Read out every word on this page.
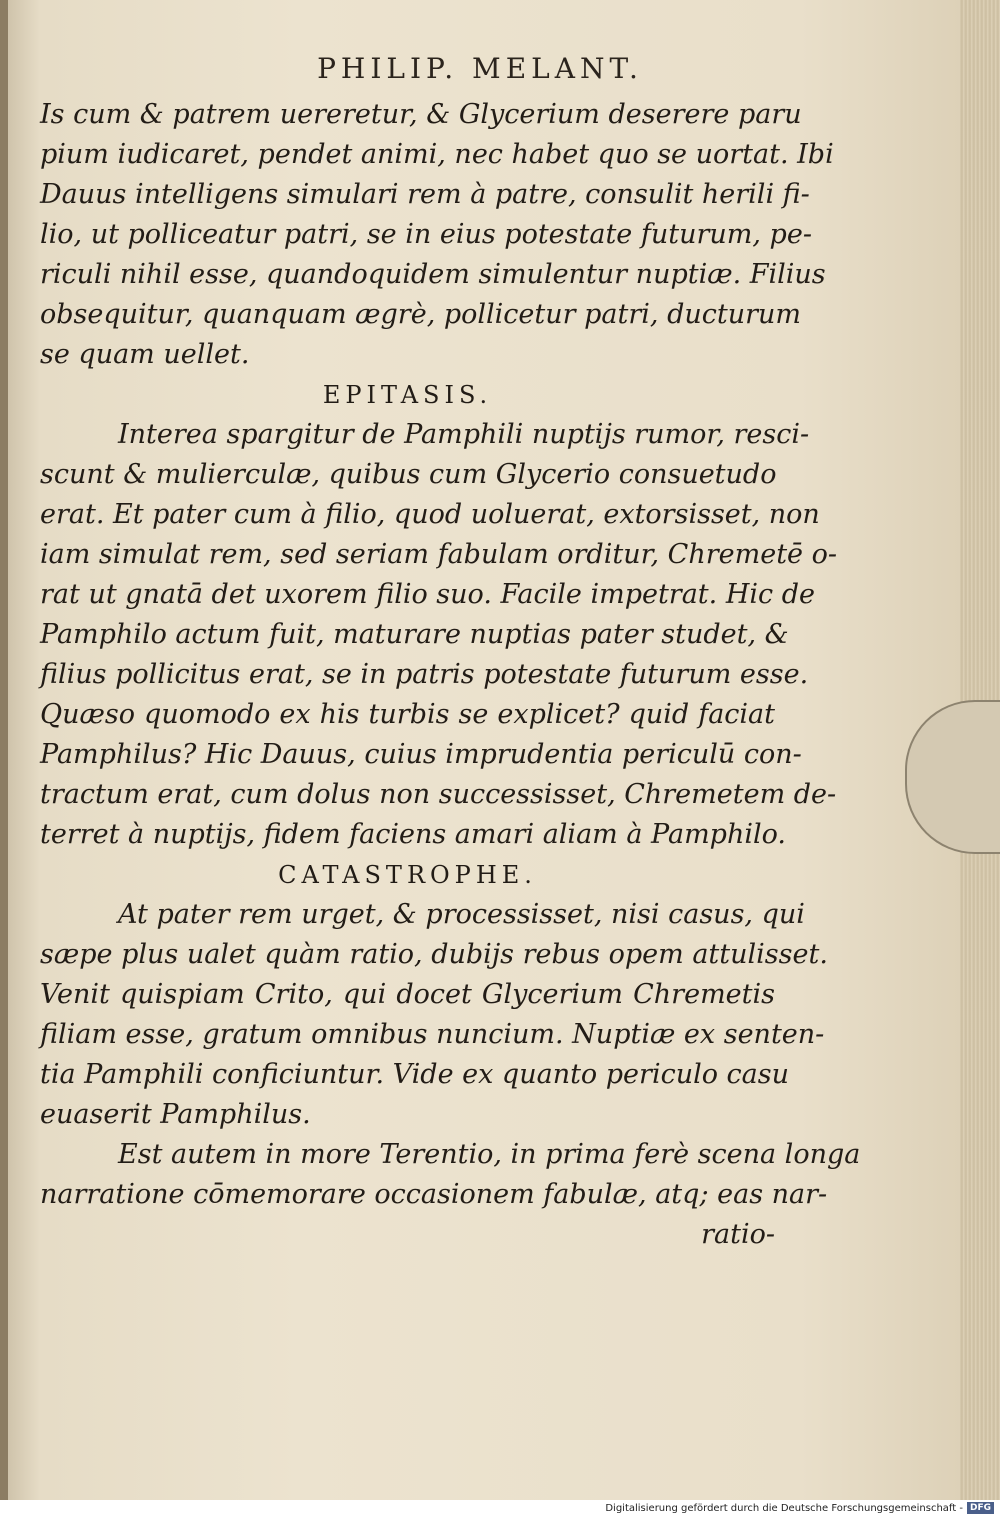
PHILIP. MELANT.
Is cum & patrem uereretur, & Glycerium deserere paru
pium iudicaret, pendet animi, nec habet quo se uortat. Ibi
Dauus intelligens simulari rem à patre, consulit herili fi-
lio, ut polliceatur patri, se in eius potestate futurum, pe-
riculi nihil esse, quandoquidem simulentur nuptiæ. Filius
obsequitur, quanquam ægrè, pollicetur patri, ducturum
se quam uellet.
EPITASIS.
Interea spargitur de Pamphili nuptijs rumor, resci-
scunt & mulierculæ, quibus cum Glycerio consuetudo
erat. Et pater cum à filio, quod uoluerat, extorsisset, non
iam simulat rem, sed seriam fabulam orditur, Chremetē o-
rat ut gnatā det uxorem filio suo. Facile impetrat. Hic de
Pamphilo actum fuit, maturare nuptias pater studet, &
filius pollicitus erat, se in patris potestate futurum esse.
Quæso quomodo ex his turbis se explicet? quid faciat
Pamphilus? Hic Dauus, cuius imprudentia periculū con-
tractum erat, cum dolus non successisset, Chremetem de-
terret à nuptijs, fidem faciens amari aliam à Pamphilo.
CATASTROPHE.
At pater rem urget, & processisset, nisi casus, qui
sæpe plus ualet quàm ratio, dubijs rebus opem attulisset.
Venit quispiam Crito, qui docet Glycerium Chremetis
filiam esse, gratum omnibus nuncium. Nuptiæ ex senten-
tia Pamphili conficiuntur. Vide ex quanto periculo casu
euaserit Pamphilus.
Est autem in more Terentio, in prima ferè scena longa
narratione cōmemorare occasionem fabulæ, atq; eas nar-
ratio-
Digitalisierung gefördert durch die Deutsche Forschungsgemeinschaft - DFG
